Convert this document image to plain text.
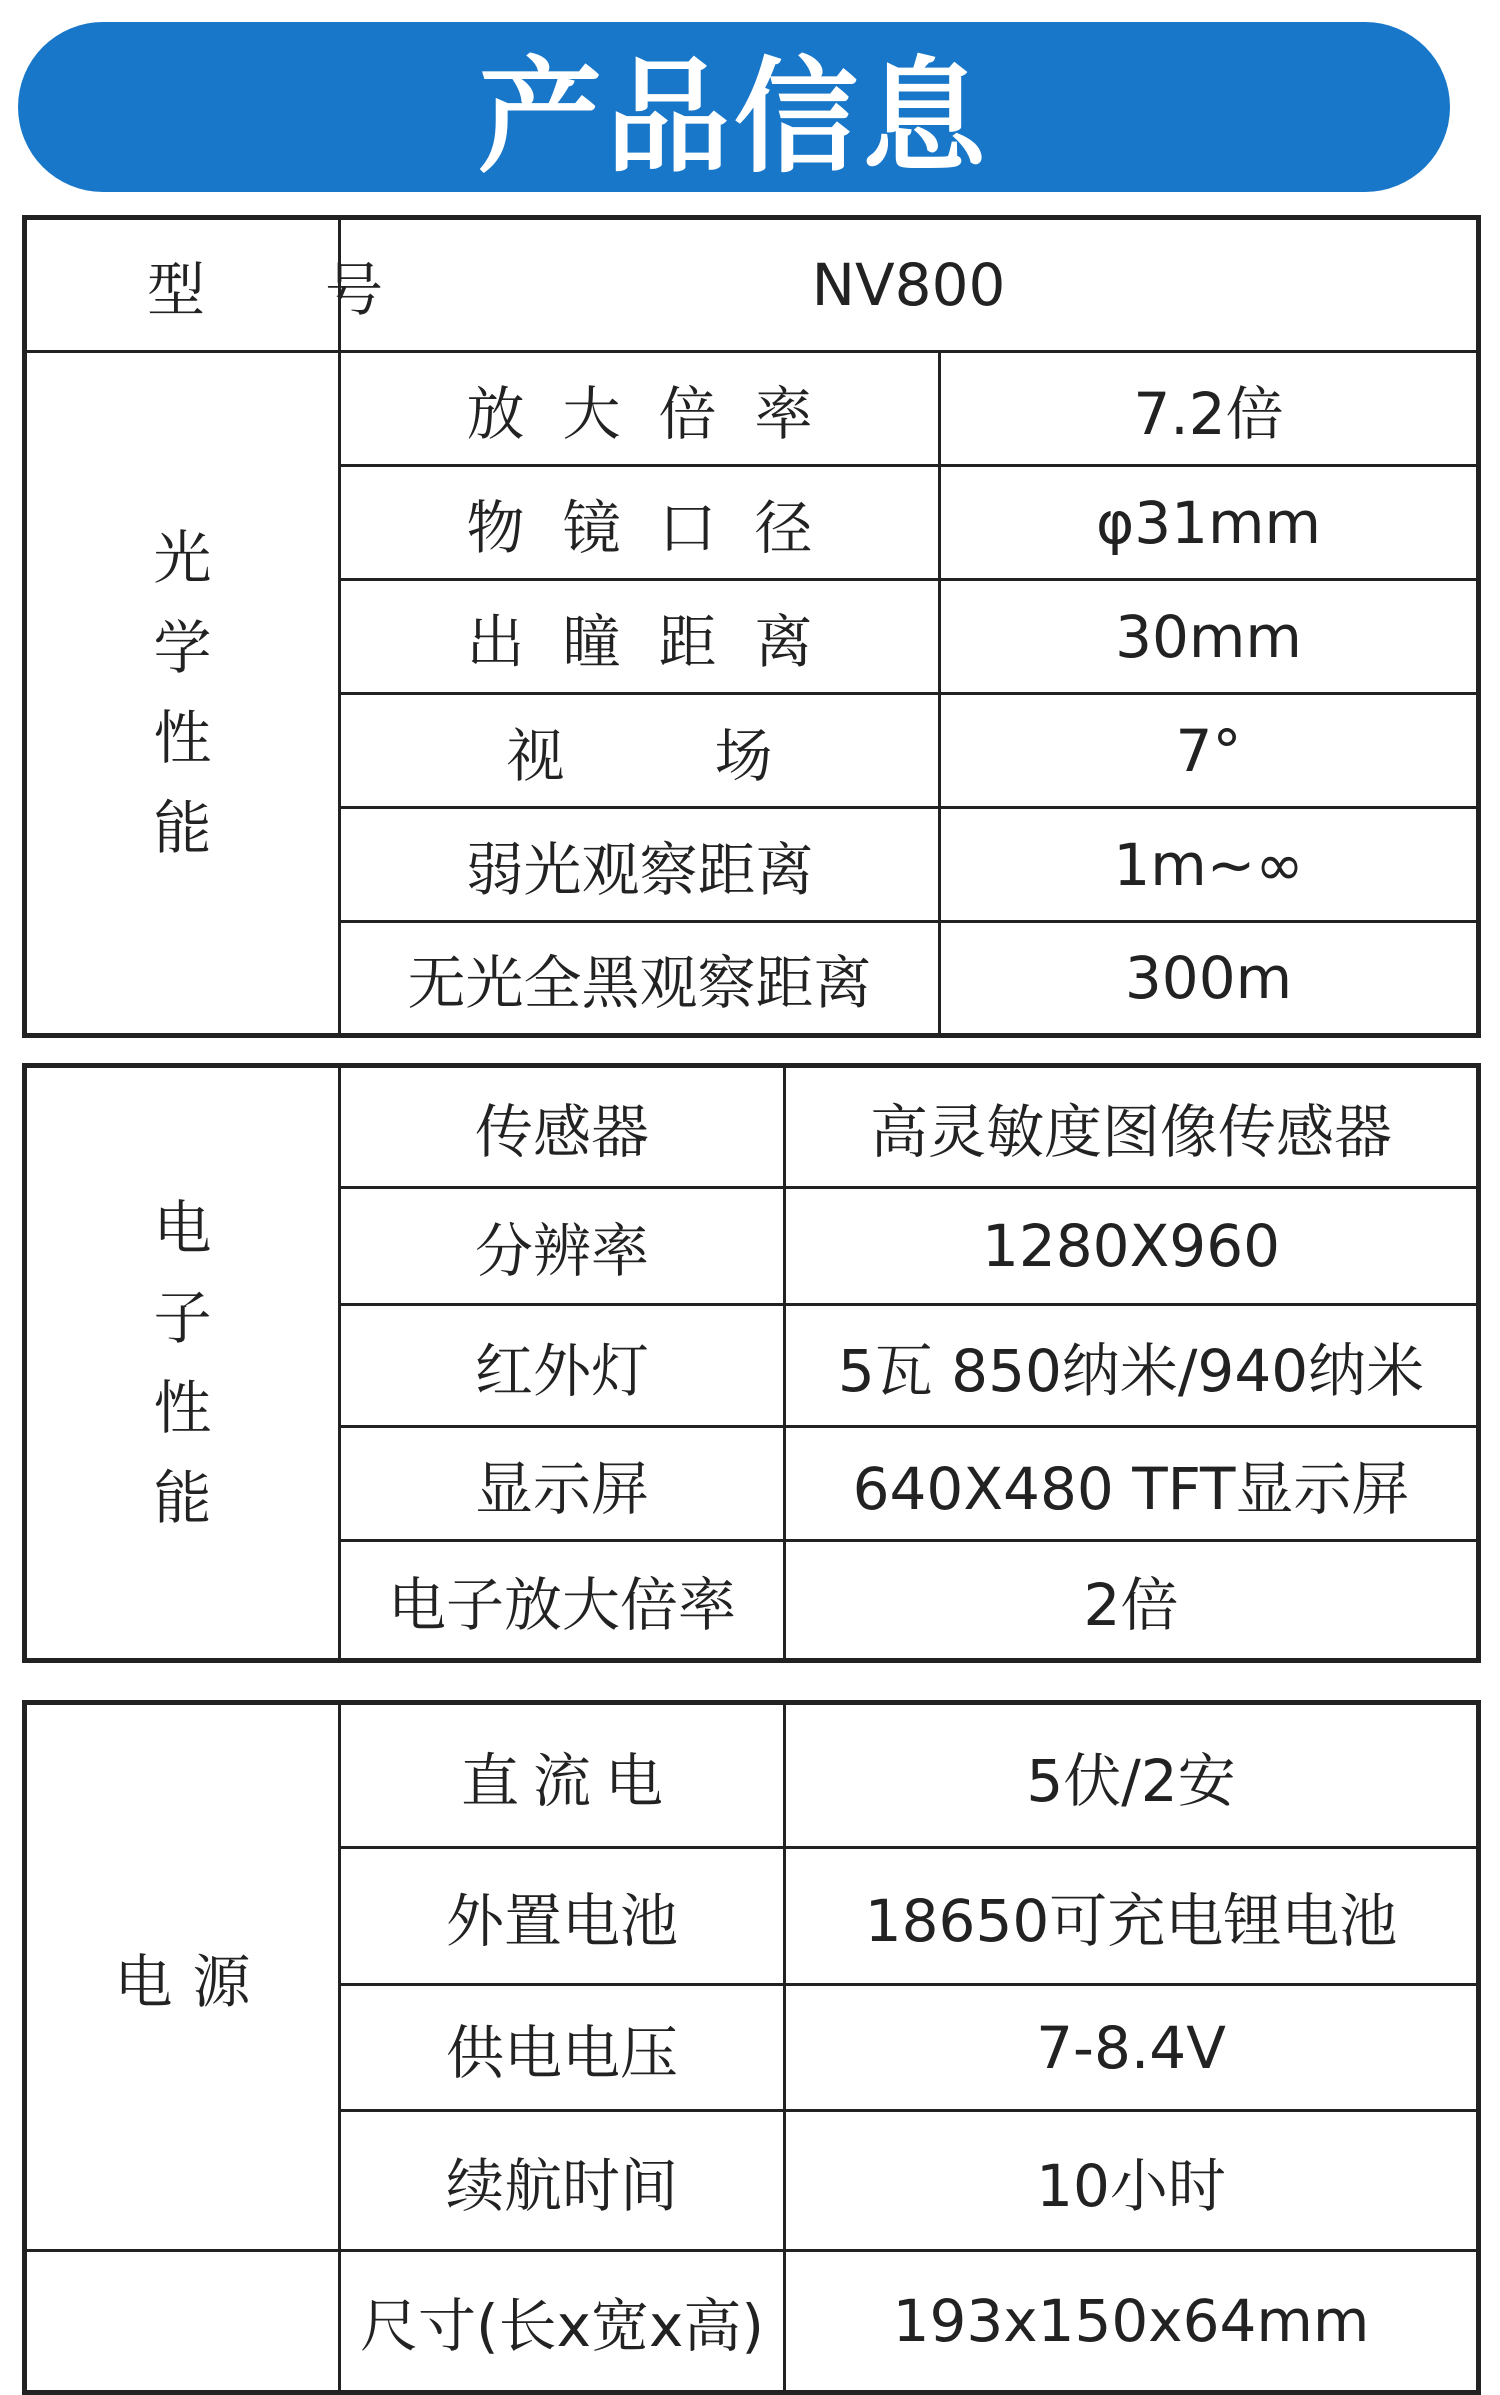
产品信息
型号	NV800	

光
学
性
能	放大倍率	7.2倍
	物镜口径	φ31mm
	出瞳距离	30mm
	视场	7°
	弱光观察距离	1m~∞
	无光全黑观察距离	300m
电
子
性
能	传感器	高灵敏度图像传感器
	分辨率	1280X960
	红外灯	5瓦 850纳米/940纳米
	显示屏	640X480 TFT显示屏
	电子放大倍率	2倍
电源	直流电	5伏/2安
	外置电池	18650可充电锂电池
	供电电压	7-8.4V
	续航时间	10小时
	尺寸(长x宽x高)	193x150x64mm
